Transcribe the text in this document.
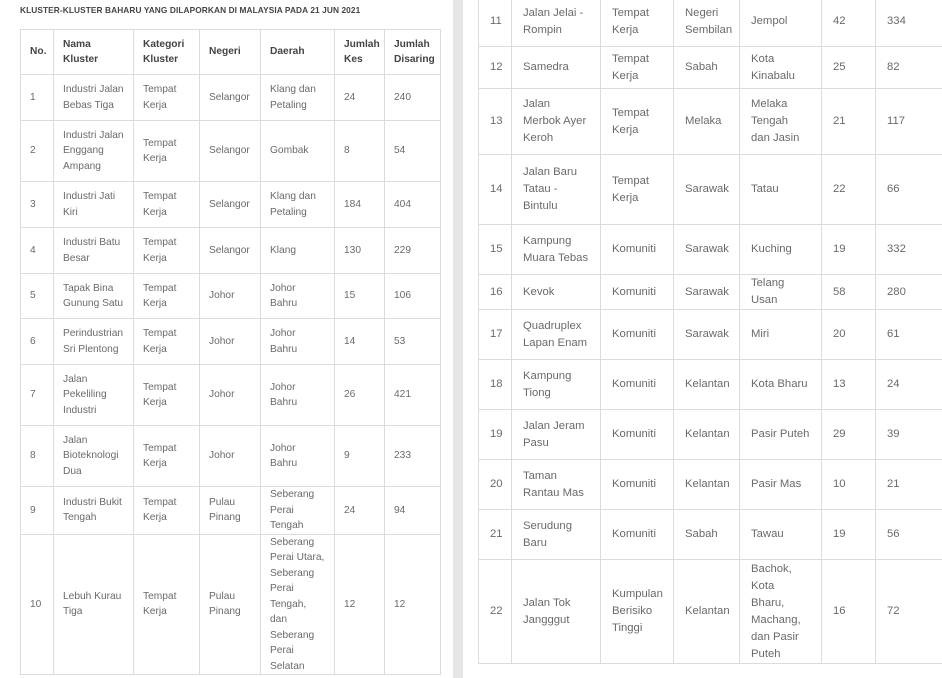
KLUSTER-KLUSTER BAHARU YANG DILAPORKAN DI MALAYSIA PADA 21 JUN 2021
No.	Nama Kluster	Kategori Kluster	Negeri	Daerah	Jumlah Kes	Jumlah Disaring
1	Industri Jalan Bebas Tiga	Tempat Kerja	Selangor	Klang dan Petaling	24	240
2	Industri Jalan Enggang Ampang	Tempat Kerja	Selangor	Gombak	8	54
3	Industri Jati Kiri	Tempat Kerja	Selangor	Klang dan Petaling	184	404
4	Industri Batu Besar	Tempat Kerja	Selangor	Klang	130	229
5	Tapak Bina Gunung Satu	Tempat Kerja	Johor	Johor Bahru	15	106
6	Perindustrian Sri Plentong	Tempat Kerja	Johor	Johor Bahru	14	53
7	Jalan Pekeliling Industri	Tempat Kerja	Johor	Johor Bahru	26	421
8	Jalan Bioteknologi Dua	Tempat Kerja	Johor	Johor Bahru	9	233
9	Industri Bukit Tengah	Tempat Kerja	Pulau Pinang	Seberang Perai Tengah	24	94
10	Lebuh Kurau Tiga	Tempat Kerja	Pulau Pinang	Seberang Perai Utara, Seberang Perai Tengah, dan Seberang Perai Selatan	12	12
11	Jalan Jelai - Rompin	Tempat Kerja	Negeri Sembilan	Jempol	42	334
12	Samedra	Tempat Kerja	Sabah	Kota Kinabalu	25	82
13	Jalan Merbok Ayer Keroh	Tempat Kerja	Melaka	Melaka Tengah dan Jasin	21	117
14	Jalan Baru Tatau - Bintulu	Tempat Kerja	Sarawak	Tatau	22	66
15	Kampung Muara Tebas	Komuniti	Sarawak	Kuching	19	332
16	Kevok	Komuniti	Sarawak	Telang Usan	58	280
17	Quadruplex Lapan Enam	Komuniti	Sarawak	Miri	20	61
18	Kampung Tiong	Komuniti	Kelantan	Kota Bharu	13	24
19	Jalan Jeram Pasu	Komuniti	Kelantan	Pasir Puteh	29	39
20	Taman Rantau Mas	Komuniti	Kelantan	Pasir Mas	10	21
21	Serudung Baru	Komuniti	Sabah	Tawau	19	56
22	Jalan Tok Jangggut	Kumpulan Berisiko Tinggi	Kelantan	Bachok, Kota Bharu, Machang, dan Pasir Puteh	16	72
